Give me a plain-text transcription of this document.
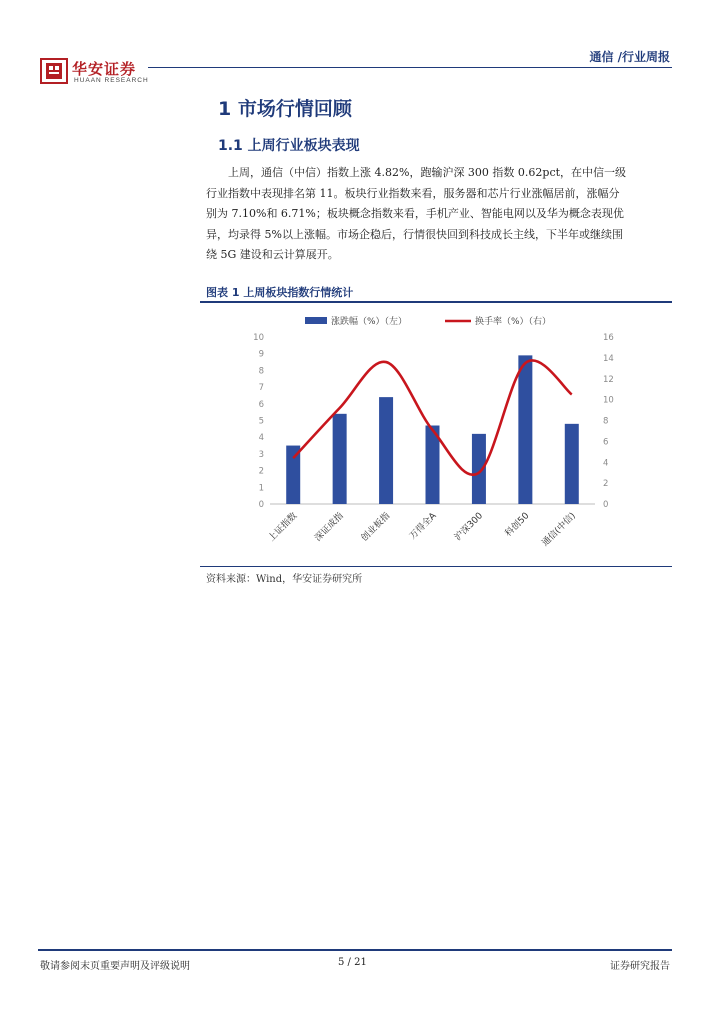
华安证券
HUAAN RESEARCH
通信 /行业周报
1 市场行情回顾
1.1 上周行业板块表现
上周，通信（中信）指数上涨 4.82%，跑输沪深 300 指数 0.62pct，在中信一级
行业指数中表现排名第 11。板块行业指数来看，服务器和芯片行业涨幅居前，涨幅分
别为 7.10%和 6.71%；板块概念指数来看，手机产业、智能电网以及华为概念表现优
异，均录得 5%以上涨幅。市场企稳后，行情很快回到科技成长主线，下半年或继续围
绕 5G 建设和云计算展开。
图表 1 上周板块指数行情统计
0
1
2
3
4
5
6
7
8
9
10
0
2
4
6
8
10
12
14
16
上证指数 深证成指 创业板指 万得全A 沪深300 科创50 通信(中信)
涨跌幅（%）（左）	换手率（%）（右）
资料来源：Wind，华安证券研究所
敬请参阅末页重要声明及评级说明	5 / 21	证券研究报告
